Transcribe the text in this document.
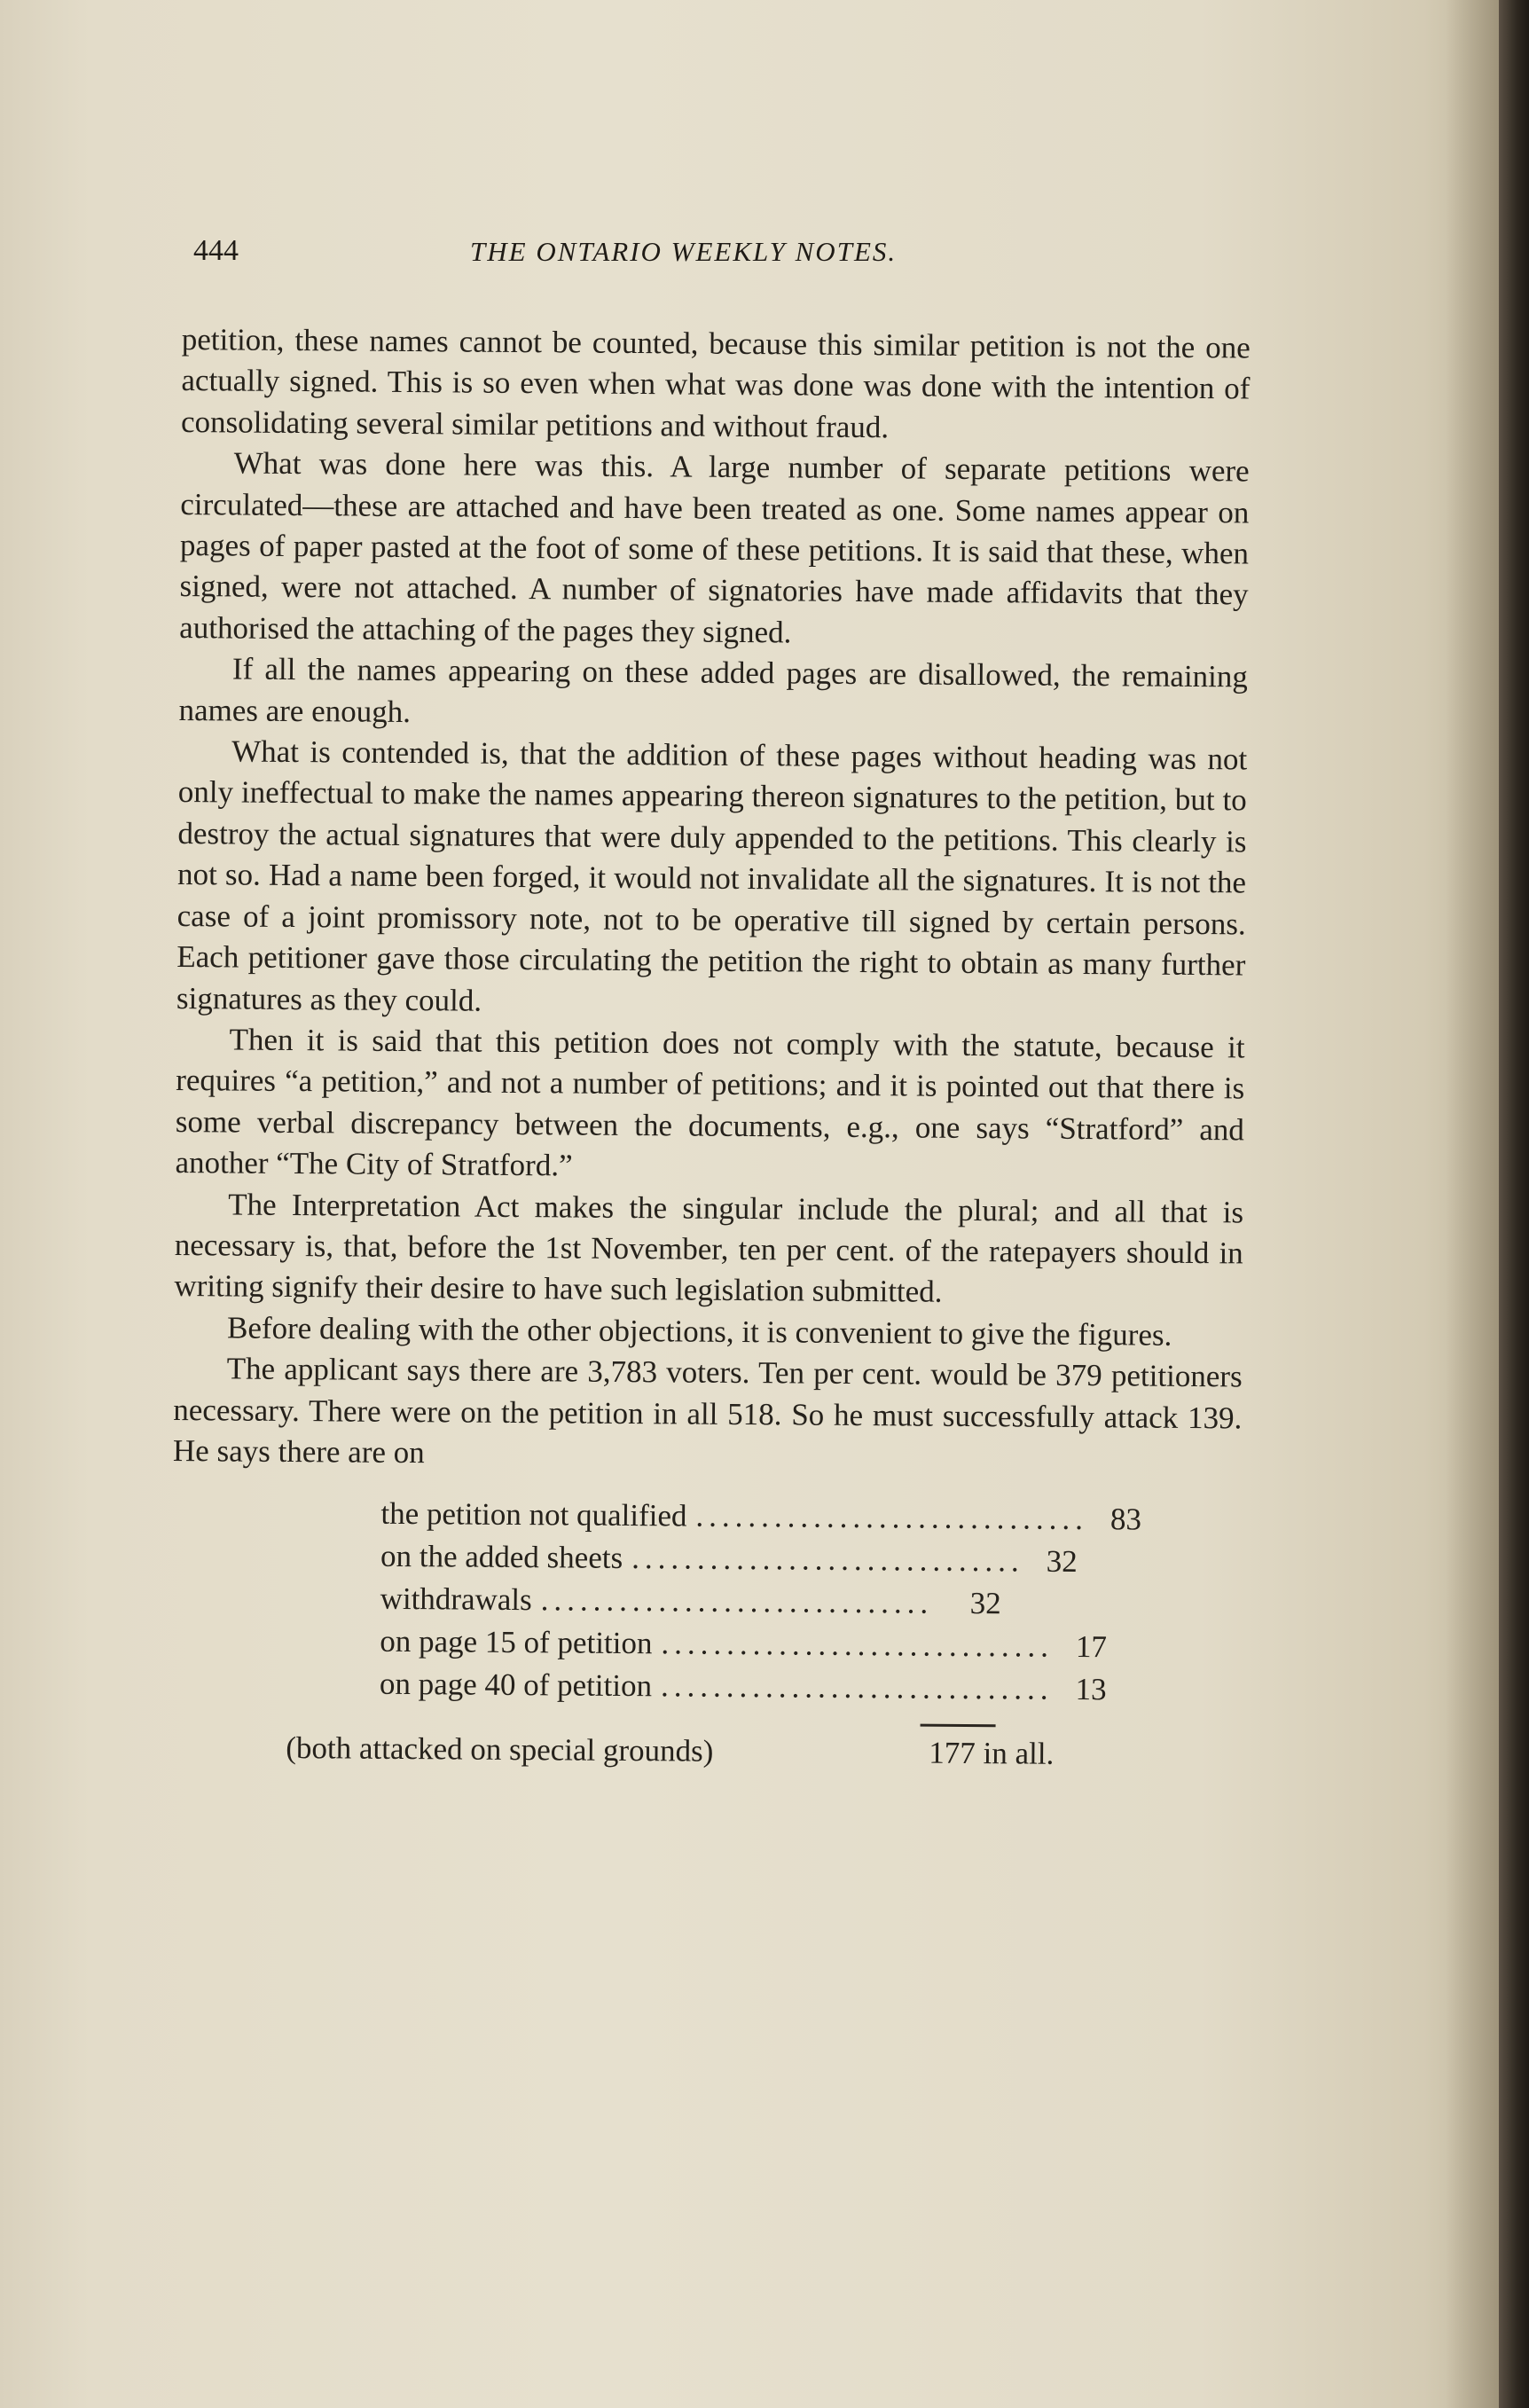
444	THE ONTARIO WEEKLY NOTES.

petition, these names cannot be counted, because this similar petition is not the one actually signed. This is so even when what was done was done with the intention of consolidating several similar petitions and without fraud.

What was done here was this. A large number of separate petitions were circulated—these are attached and have been treated as one. Some names appear on pages of paper pasted at the foot of some of these petitions. It is said that these, when signed, were not attached. A number of signatories have made affidavits that they authorised the attaching of the pages they signed.

If all the names appearing on these added pages are disallowed, the remaining names are enough.

What is contended is, that the addition of these pages without heading was not only ineffectual to make the names appearing thereon signatures to the petition, but to destroy the actual signatures that were duly appended to the petitions. This clearly is not so. Had a name been forged, it would not invalidate all the signatures. It is not the case of a joint promissory note, not to be operative till signed by certain persons. Each petitioner gave those circulating the petition the right to obtain as many further signatures as they could.

Then it is said that this petition does not comply with the statute, because it requires “a petition,” and not a number of petitions; and it is pointed out that there is some verbal discrepancy between the documents, e.g., one says “Stratford” and another “The City of Stratford.”

The Interpretation Act makes the singular include the plural; and all that is necessary is, that, before the 1st November, ten per cent. of the ratepayers should in writing signify their desire to have such legislation submitted.

Before dealing with the other objections, it is convenient to give the figures.

The applicant says there are 3,783 voters. Ten per cent. would be 379 petitioners necessary. There were on the petition in all 518. So he must successfully attack 139. He says there are on

the petition not qualified .............................. 83
on the added sheets .............................. 32
withdrawals ..............................	32
on page 15 of petition .............................. 17
on page 40 of petition .............................. 13
(both attacked on special grounds)	177 in all.
